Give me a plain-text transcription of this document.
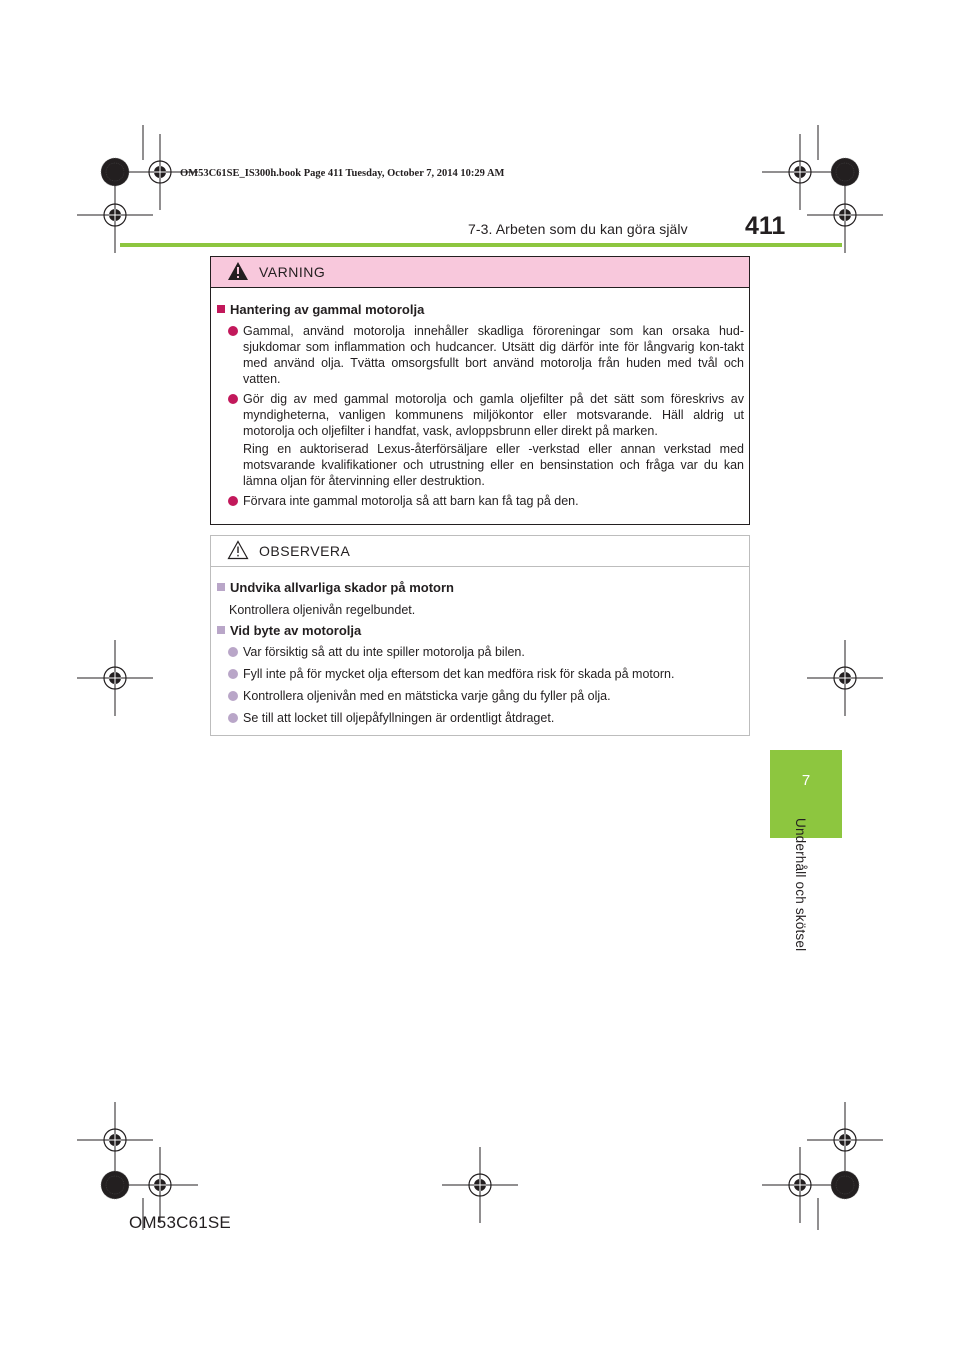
OM53C61SE_IS300h.book Page 411 Tuesday, October 7, 2014 10:29 AM
7-3. Arbeten som du kan göra själv 411
VARNING
Hantering av gammal motorolja
Gammal, använd motorolja innehåller skadliga föroreningar som kan orsaka hud-sjukdomar som inflammation och hudcancer. Utsätt dig därför inte för långvarig kon-takt med använd olja. Tvätta omsorgsfullt bort använd motorolja från huden med tvål och vatten.
Gör dig av med gammal motorolja och gamla oljefilter på det sätt som föreskrivs av myndigheterna, vanligen kommunens miljökontor eller motsvarande. Häll aldrig ut motorolja och oljefilter i handfat, vask, avloppsbrunn eller direkt på marken.
Ring en auktoriserad Lexus-återförsäljare eller -verkstad eller annan verkstad med motsvarande kvalifikationer och utrustning eller en bensinstation och fråga var du kan lämna oljan för återvinning eller destruktion.
Förvara inte gammal motorolja så att barn kan få tag på den.
OBSERVERA
Undvika allvarliga skador på motorn
Kontrollera oljenivån regelbundet.
Vid byte av motorolja
Var försiktig så att du inte spiller motorolja på bilen.
Fyll inte på för mycket olja eftersom det kan medföra risk för skada på motorn.
Kontrollera oljenivån med en mätsticka varje gång du fyller på olja.
Se till att locket till oljepåfyllningen är ordentligt åtdraget.
7
Underhåll och skötsel
OM53C61SE
